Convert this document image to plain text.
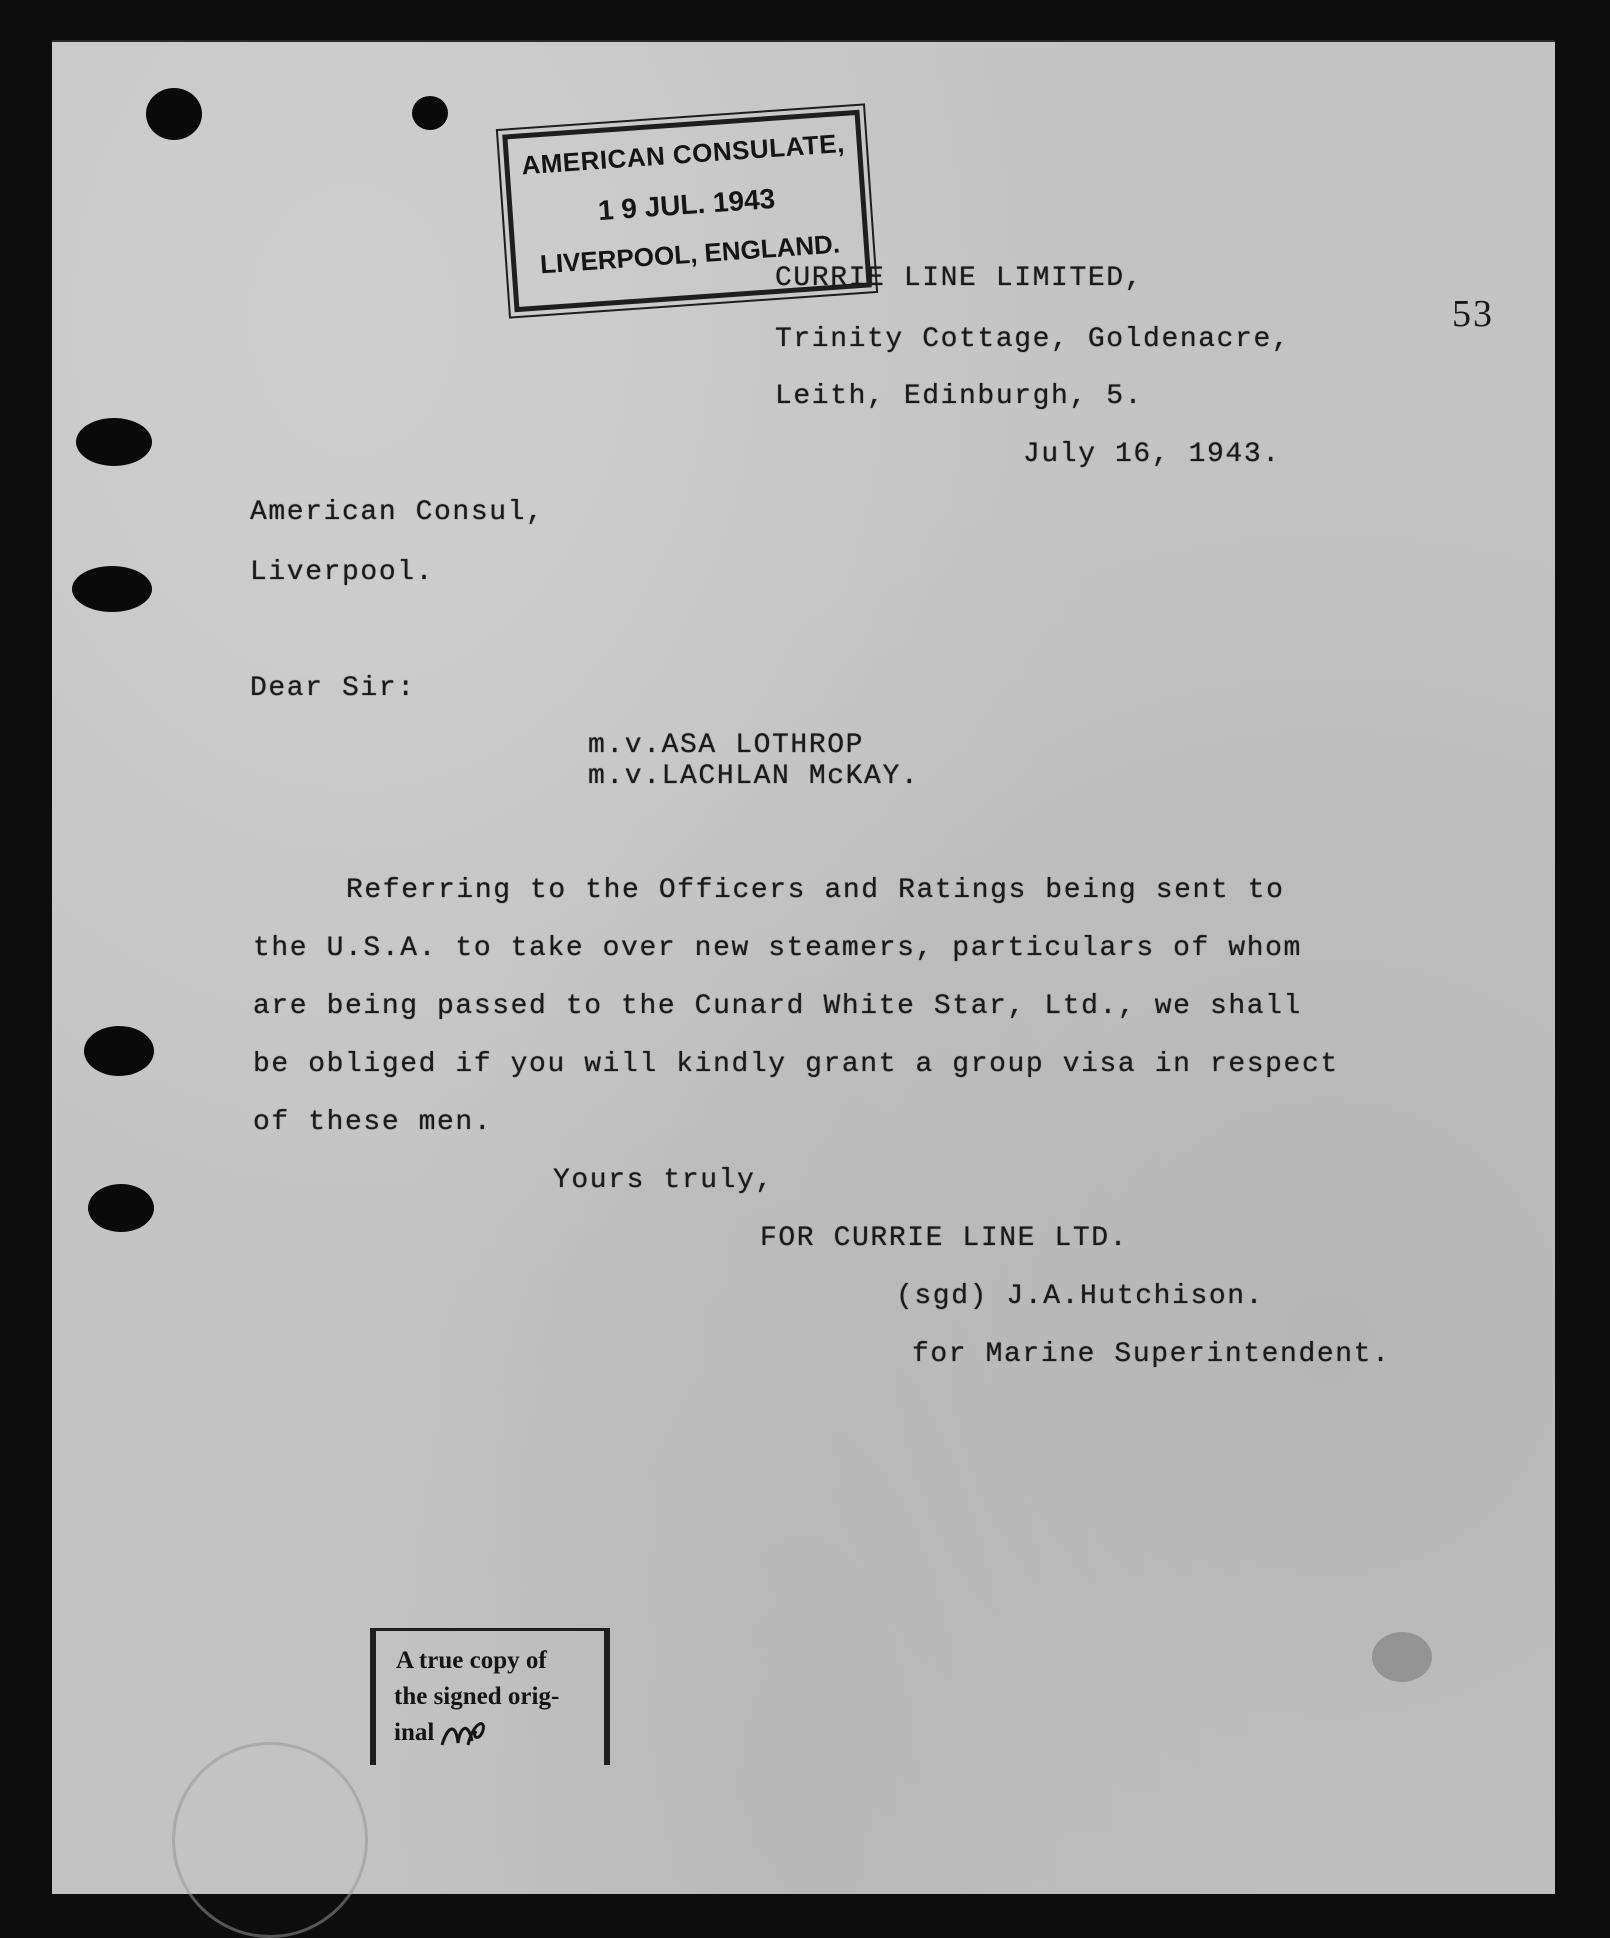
AMERICAN CONSULATE,
1 9 JUL. 1943
LIVERPOOL, ENGLAND.
53

CURRIE LINE LIMITED,

Trinity Cottage, Goldenacre,

Leith, Edinburgh, 5.

July 16, 1943.

American Consul,

Liverpool.

Dear Sir:

m.v.ASA LOTHROP

m.v.LACHLAN McKAY.

Referring to the Officers and Ratings being sent to

the U.S.A. to take over new steamers, particulars of whom

are being passed to the Cunard White Star, Ltd., we shall

be obliged if you will kindly grant a group visa in respect

of these men.

Yours truly,

FOR CURRIE LINE LTD.

(sgd) J.A.Hutchison.

for Marine Superintendent.

A true copy of
the signed orig-
inal
